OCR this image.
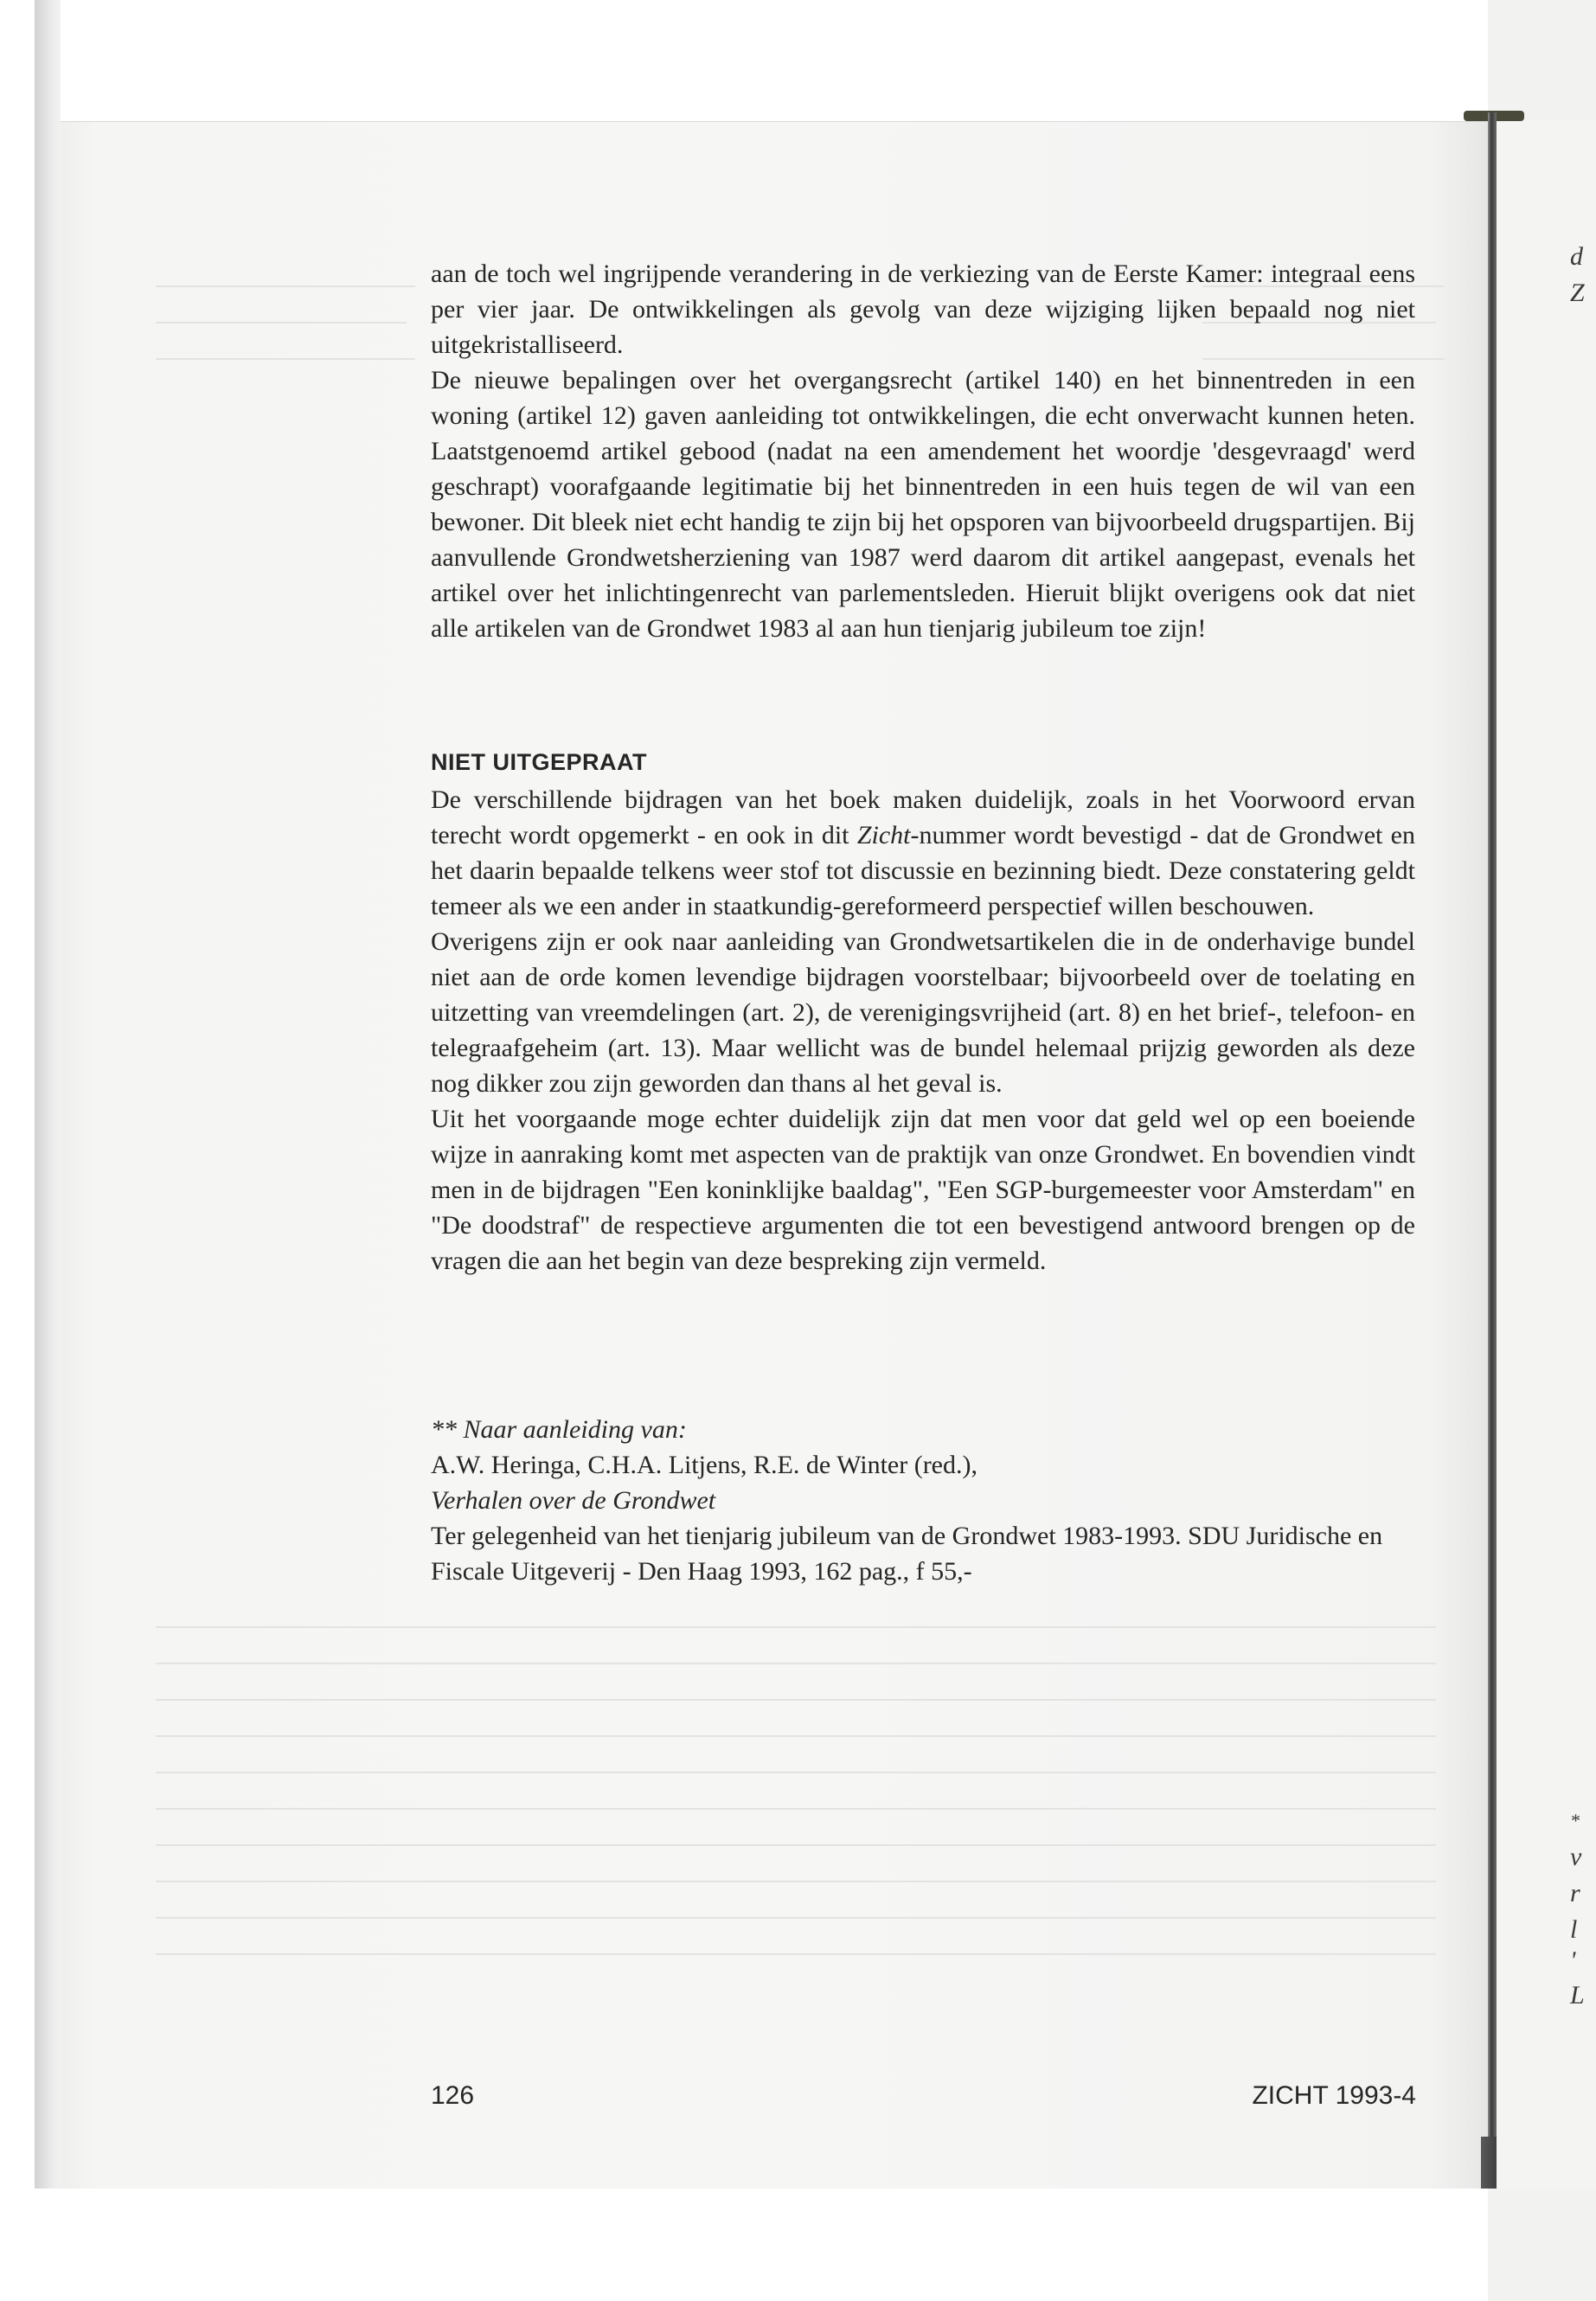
d
Z
*
v
r
l
'
L

aan de toch wel ingrijpende verandering in de verkiezing van de Eerste Kamer: integraal eens per vier jaar. De ontwikkelingen als gevolg van deze wijziging lijken bepaald nog niet uitgekristalliseerd.

De nieuwe bepalingen over het overgangsrecht (artikel 140) en het binnentreden in een woning (artikel 12) gaven aanleiding tot ontwikkelingen, die echt onverwacht kunnen heten. Laatstgenoemd artikel gebood (nadat na een amendement het woordje 'desgevraagd' werd geschrapt) voorafgaande legitimatie bij het binnentreden in een huis tegen de wil van een bewoner. Dit bleek niet echt handig te zijn bij het opsporen van bijvoorbeeld drugspartijen. Bij aanvullende Grondwetsherziening van 1987 werd daarom dit artikel aangepast, evenals het artikel over het inlichtingenrecht van parlementsleden. Hieruit blijkt overigens ook dat niet alle artikelen van de Grondwet 1983 al aan hun tienjarig jubileum toe zijn!

NIET UITGEPRAAT

De verschillende bijdragen van het boek maken duidelijk, zoals in het Voorwoord ervan terecht wordt opgemerkt - en ook in dit Zicht-nummer wordt bevestigd - dat de Grondwet en het daarin bepaalde telkens weer stof tot discussie en bezinning biedt. Deze constatering geldt temeer als we een ander in staatkundig-gereformeerd perspectief willen beschouwen.

Overigens zijn er ook naar aanleiding van Grondwetsartikelen die in de onderhavige bundel niet aan de orde komen levendige bijdragen voorstelbaar; bijvoorbeeld over de toelating en uitzetting van vreemdelingen (art. 2), de verenigingsvrijheid (art. 8) en het brief-, telefoon- en telegraafgeheim (art. 13). Maar wellicht was de bundel helemaal prijzig geworden als deze nog dikker zou zijn geworden dan thans al het geval is.

Uit het voorgaande moge echter duidelijk zijn dat men voor dat geld wel op een boeiende wijze in aanraking komt met aspecten van de praktijk van onze Grondwet. En bovendien vindt men in de bijdragen "Een koninklijke baaldag", "Een SGP-burgemeester voor Amsterdam" en "De doodstraf" de respectieve argumenten die tot een bevestigend antwoord brengen op de vragen die aan het begin van deze bespreking zijn vermeld.

** Naar aanleiding van:

A.W. Heringa, C.H.A. Litjens, R.E. de Winter (red.),

Verhalen over de Grondwet

Ter gelegenheid van het tienjarig jubileum van de Grondwet 1983-1993. SDU Juridische en Fiscale Uitgeverij - Den Haag 1993, 162 pag., f 55,-

126	ZICHT 1993-4
